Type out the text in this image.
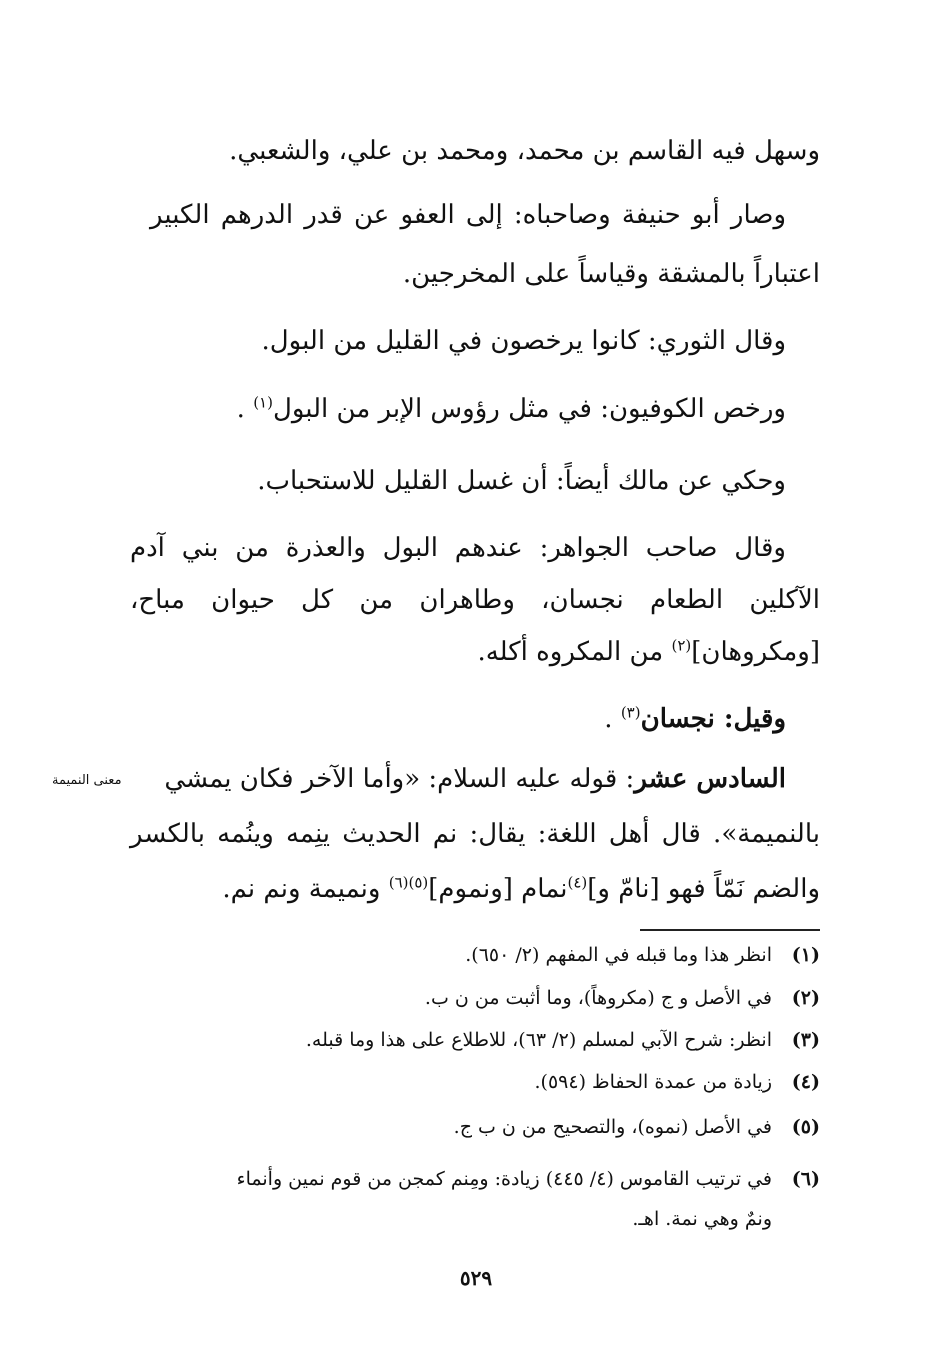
وسهل فيه القاسم بن محمد، ومحمد بن علي، والشعبي.
وصار أبو حنيفة وصاحباه: إلى العفو عن قدر الدرهم الكبير
اعتباراً بالمشقة وقياساً على المخرجين.
وقال الثوري: كانوا يرخصون في القليل من البول.
ورخص الكوفيون: في مثل رؤوس الإبر من البول$^{(١)}$ .
وحكي عن مالك أيضاً: أن غسل القليل للاستحباب.
وقال صاحب الجواهر: عندهم البول والعذرة من بني آدم
الآكلين الطعام نجسان، وطاهران من كل حيوان مباح،
[ومكروهان]$^{(٢)}$ من المكروه أكله.
وقيل: نجسان$^{(٣)}$ .
السادس عشر: قوله عليه السلام: «وأما الآخر فكان يمشي
بالنميمة». قال أهل اللغة: يقال: نم الحديث ينِمه وينُمه بالكسر
والضم نَمّاً فهو [نامّ و]$^{(٤)}$نمام [ونموم]$^{(٥)(٦)}$ ونميمة ونم نم.
معنى النميمة
(١)انظر هذا وما قبله في المفهم (٢/ ٦٥٠).
(٢)في الأصل و ج (مكروهاً)، وما أثبت من ن ب.
(٣)انظر: شرح الآبي لمسلم (٢/ ٦٣)، للاطلاع على هذا وما قبله.
(٤)زيادة من عمدة الحفاظ (٥٩٤).
(٥)في الأصل (نموه)، والتصحيح من ن ب ج.
(٦)في ترتيب القاموس (٤/ ٤٤٥) زيادة: ومِنم كمجن من قوم نمين وأنماء
ونمٌ وهي نمة. اهـ.
٥٢٩
